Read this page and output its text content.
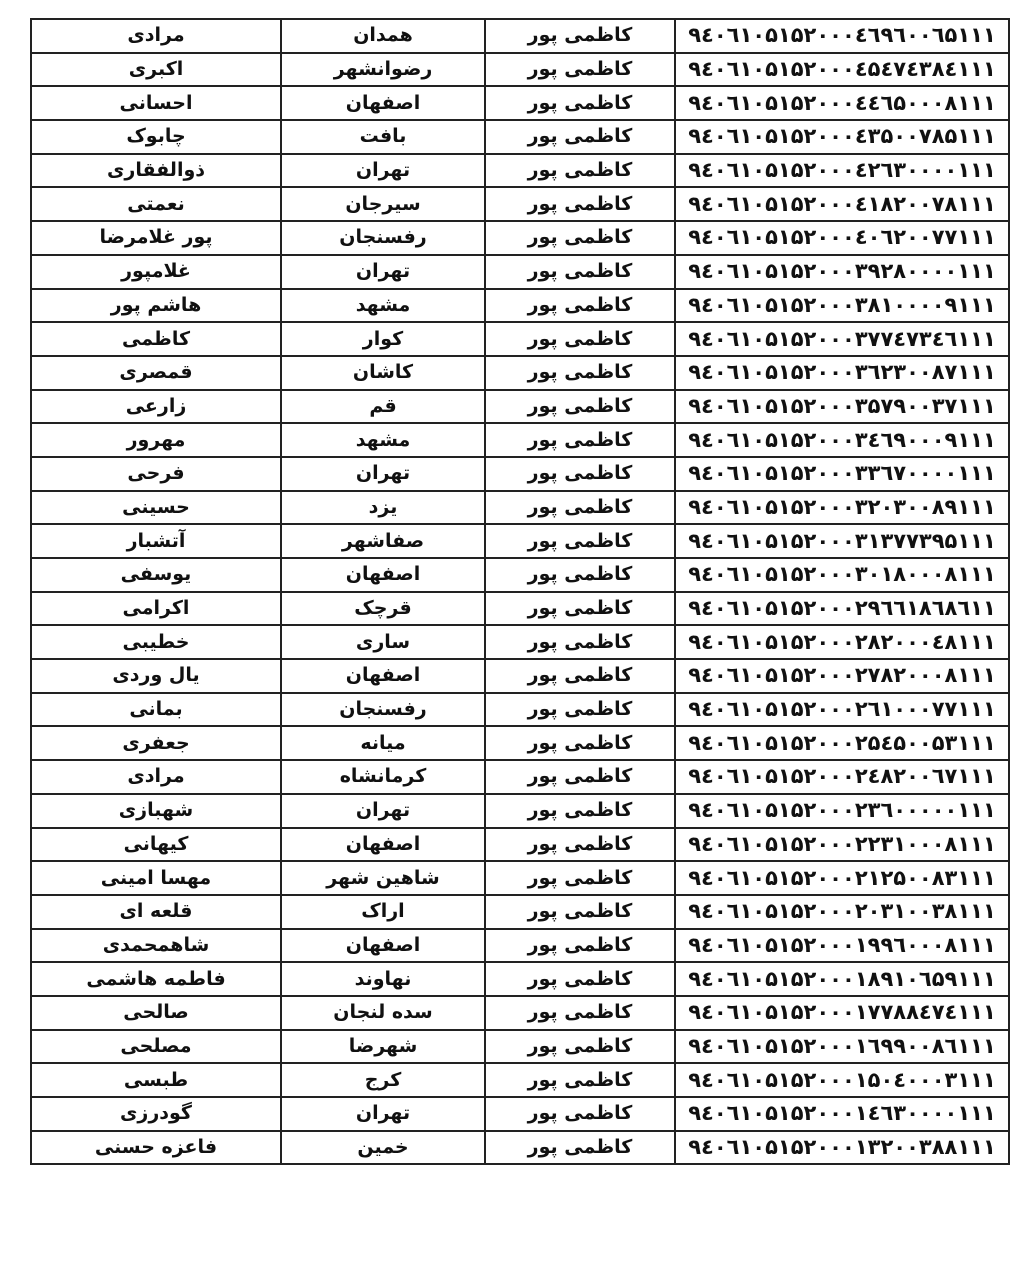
مرادی	همدان	کاظمی پور	۹٤۰٦۱۰۵۱۵۲۰۰۰٤٦۹٦۰۰٦۵۱۱۱
اکبری	رضوانشهر	کاظمی پور	۹٤۰٦۱۰۵۱۵۲۰۰۰٤۵٤۷٤۳۸٤۱۱۱
احسانی	اصفهان	کاظمی پور	۹٤۰٦۱۰۵۱۵۲۰۰۰٤٤٦۵۰۰۰۸۱۱۱
چابوک	بافت	کاظمی پور	۹٤۰٦۱۰۵۱۵۲۰۰۰٤۳۵۰۰۷۸۵۱۱۱
ذوالفقاری	تهران	کاظمی پور	۹٤۰٦۱۰۵۱۵۲۰۰۰٤۲٦۳۰۰۰۰۱۱۱
نعمتی	سیرجان	کاظمی پور	۹٤۰٦۱۰۵۱۵۲۰۰۰٤۱۸۲۰۰۷۸۱۱۱
پور غلامرضا	رفسنجان	کاظمی پور	۹٤۰٦۱۰۵۱۵۲۰۰۰٤۰٦۲۰۰۷۷۱۱۱
غلامپور	تهران	کاظمی پور	۹٤۰٦۱۰۵۱۵۲۰۰۰۳۹۲۸۰۰۰۰۱۱۱
هاشم پور	مشهد	کاظمی پور	۹٤۰٦۱۰۵۱۵۲۰۰۰۳۸۱۰۰۰۰۹۱۱۱
کاظمی	کوار	کاظمی پور	۹٤۰٦۱۰۵۱۵۲۰۰۰۳۷۷٤۷۳٤٦۱۱۱
قمصری	کاشان	کاظمی پور	۹٤۰٦۱۰۵۱۵۲۰۰۰۳٦۲۳۰۰۸۷۱۱۱
زارعی	قم	کاظمی پور	۹٤۰٦۱۰۵۱۵۲۰۰۰۳۵۷۹۰۰۳۷۱۱۱
مهرور	مشهد	کاظمی پور	۹٤۰٦۱۰۵۱۵۲۰۰۰۳٤٦۹۰۰۰۹۱۱۱
فرحی	تهران	کاظمی پور	۹٤۰٦۱۰۵۱۵۲۰۰۰۳۳٦۷۰۰۰۰۱۱۱
حسینی	یزد	کاظمی پور	۹٤۰٦۱۰۵۱۵۲۰۰۰۳۲۰۳۰۰۸۹۱۱۱
آتشبار	صفاشهر	کاظمی پور	۹٤۰٦۱۰۵۱۵۲۰۰۰۳۱۳۷۷۳۹۵۱۱۱
یوسفی	اصفهان	کاظمی پور	۹٤۰٦۱۰۵۱۵۲۰۰۰۳۰۱۸۰۰۰۸۱۱۱
اکرامی	قرچک	کاظمی پور	۹٤۰٦۱۰۵۱۵۲۰۰۰۲۹٦٦۱۸٦۸٦۱۱
خطیبی	ساری	کاظمی پور	۹٤۰٦۱۰۵۱۵۲۰۰۰۲۸۲۰۰۰٤۸۱۱۱
یال وردی	اصفهان	کاظمی پور	۹٤۰٦۱۰۵۱۵۲۰۰۰۲۷۸۲۰۰۰۸۱۱۱
بمانی	رفسنجان	کاظمی پور	۹٤۰٦۱۰۵۱۵۲۰۰۰۲٦۱۰۰۰۷۷۱۱۱
جعفری	میانه	کاظمی پور	۹٤۰٦۱۰۵۱۵۲۰۰۰۲۵٤۵۰۰۵۳۱۱۱
مرادی	کرمانشاه	کاظمی پور	۹٤۰٦۱۰۵۱۵۲۰۰۰۲٤۸۲۰۰٦۷۱۱۱
شهبازی	تهران	کاظمی پور	۹٤۰٦۱۰۵۱۵۲۰۰۰۲۳٦۰۰۰۰۰۱۱۱
کیهانی	اصفهان	کاظمی پور	۹٤۰٦۱۰۵۱۵۲۰۰۰۲۲۳۱۰۰۰۸۱۱۱
مهسا امینی	شاهین شهر	کاظمی پور	۹٤۰٦۱۰۵۱۵۲۰۰۰۲۱۲۵۰۰۸۳۱۱۱
قلعه ای	اراک	کاظمی پور	۹٤۰٦۱۰۵۱۵۲۰۰۰۲۰۳۱۰۰۳۸۱۱۱
شاهمحمدی	اصفهان	کاظمی پور	۹٤۰٦۱۰۵۱۵۲۰۰۰۱۹۹٦۰۰۰۸۱۱۱
فاطمه هاشمی	نهاوند	کاظمی پور	۹٤۰٦۱۰۵۱۵۲۰۰۰۱۸۹۱۰٦۵۹۱۱۱
صالحی	سده لنجان	کاظمی پور	۹٤۰٦۱۰۵۱۵۲۰۰۰۱۷۷۸۸٤۷٤۱۱۱
مصلحی	شهرضا	کاظمی پور	۹٤۰٦۱۰۵۱۵۲۰۰۰۱٦۹۹۰۰۸٦۱۱۱
طبسی	کرج	کاظمی پور	۹٤۰٦۱۰۵۱۵۲۰۰۰۱۵۰٤۰۰۰۳۱۱۱
گودرزی	تهران	کاظمی پور	۹٤۰٦۱۰۵۱۵۲۰۰۰۱٤٦۳۰۰۰۰۱۱۱
فاعزه حسنی	خمین	کاظمی پور	۹٤۰٦۱۰۵۱۵۲۰۰۰۱۳۲۰۰۳۸۸۱۱۱
